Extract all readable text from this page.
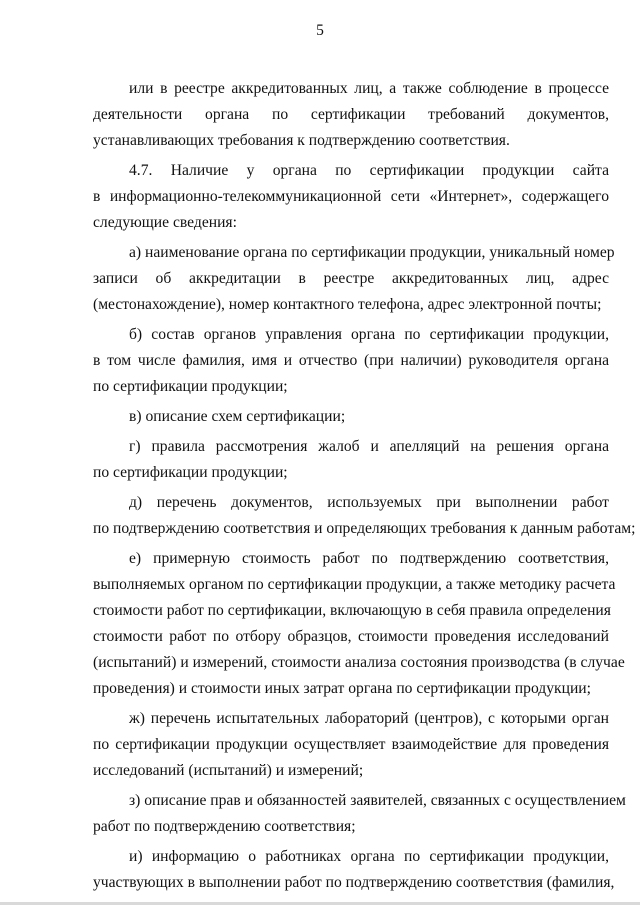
5
или в реестре аккредитованных лиц, а также соблюдение в процессе
деятельности органа по сертификации требований документов,
устанавливающих требования к подтверждению соответствия.
4.7. Наличие у органа по сертификации продукции сайта
в информационно-телекоммуникационной сети «Интернет», содержащего
следующие сведения:
а) наименование органа по сертификации продукции, уникальный номер
записи об аккредитации в реестре аккредитованных лиц, адрес
(местонахождение), номер контактного телефона, адрес электронной почты;
б) состав органов управления органа по сертификации продукции,
в том числе фамилия, имя и отчество (при наличии) руководителя органа
по сертификации продукции;
в) описание схем сертификации;
г) правила рассмотрения жалоб и апелляций на решения органа
по сертификации продукции;
д) перечень документов, используемых при выполнении работ
по подтверждению соответствия и определяющих требования к данным работам;
е) примерную стоимость работ по подтверждению соответствия,
выполняемых органом по сертификации продукции, а также методику расчета
стоимости работ по сертификации, включающую в себя правила определения
стоимости работ по отбору образцов, стоимости проведения исследований
(испытаний) и измерений, стоимости анализа состояния производства (в случае
проведения) и стоимости иных затрат органа по сертификации продукции;
ж) перечень испытательных лабораторий (центров), с которыми орган
по сертификации продукции осуществляет взаимодействие для проведения
исследований (испытаний) и измерений;
з) описание прав и обязанностей заявителей, связанных с осуществлением
работ по подтверждению соответствия;
и) информацию о работниках органа по сертификации продукции,
участвующих в выполнении работ по подтверждению соответствия (фамилия,
